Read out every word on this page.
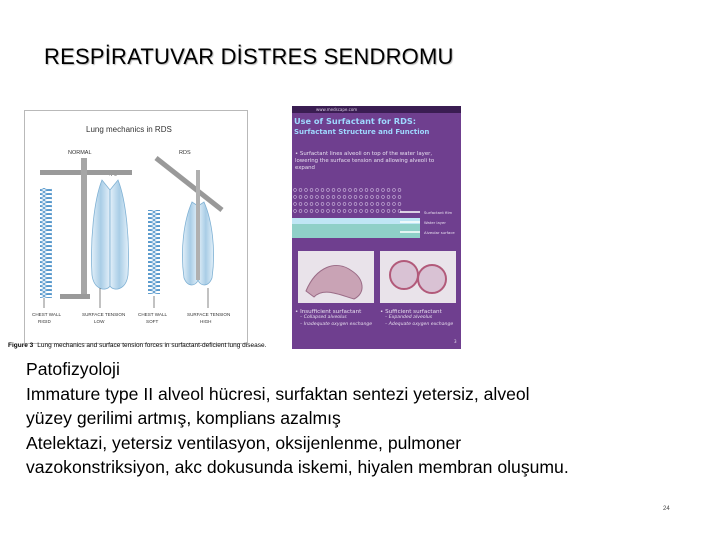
RESPİRATUVAR DİSTRES SENDROMU
Lung mechanics in RDS
NORMAL	RDS
CHEST WALL
RIGID
SURFACE TENSION
LOW
CHEST WALL
SOFT
SURFACE TENSION
HIGH
Figure 3 Lung mechanics and surface tension forces in surfactant-deficient lung disease.
www.medscape.com
Use of Surfactant for RDS:
Surfactant Structure and Function
• Surfactant lines alveoli on top of the water layer, lowering the surface tension and allowing alveoli to expand
Surfactant film
Water layer
Alveolar surface
• Insufficient surfactant
– Collapsed alveolus
– Inadequate oxygen exchange
• Sufficient surfactant
– Expanded alveolus
– Adequate oxygen exchange
3
Patofizyoloji
Immature type II alveol hücresi, surfaktan sentezi yetersiz, alveol
yüzey gerilimi artmış, komplians azalmış
Atelektazi, yetersiz ventilasyon, oksijenlenme, pulmoner
vazokonstriksiyon, akc dokusunda iskemi, hiyalen membran oluşumu.
24
